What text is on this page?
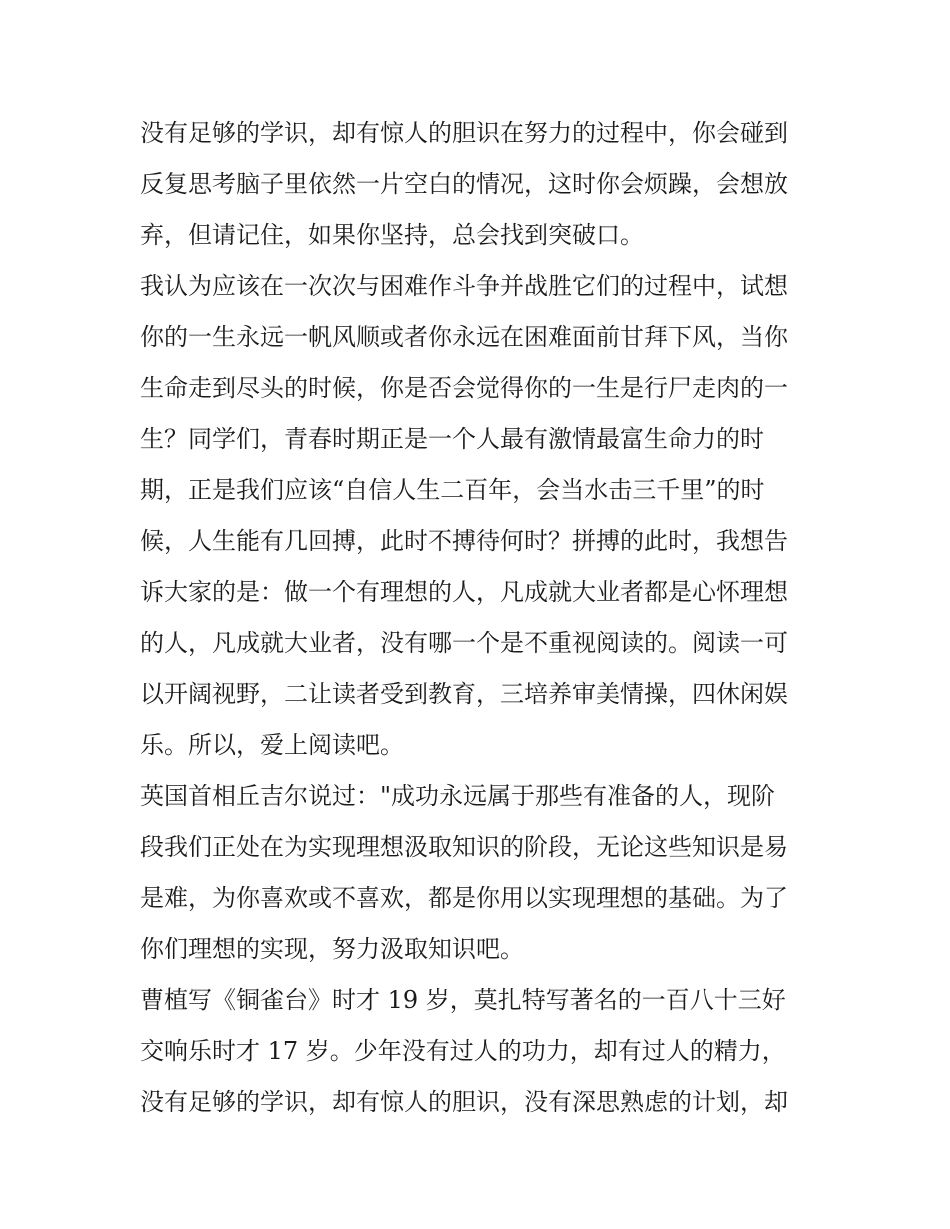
没有足够的学识，却有惊人的胆识在努力的过程中，你会碰到
反复思考脑子里依然一片空白的情况，这时你会烦躁，会想放
弃，但请记住，如果你坚持，总会找到突破口。
我认为应该在一次次与困难作斗争并战胜它们的过程中，试想
你的一生永远一帆风顺或者你永远在困难面前甘拜下风，当你
生命走到尽头的时候，你是否会觉得你的一生是行尸走肉的一
生？同学们，青春时期正是一个人最有激情最富生命力的时
期，正是我们应该“自信人生二百年，会当水击三千里”的时
候，人生能有几回搏，此时不搏待何时？拼搏的此时，我想告
诉大家的是：做一个有理想的人，凡成就大业者都是心怀理想
的人，凡成就大业者，没有哪一个是不重视阅读的。阅读一可
以开阔视野，二让读者受到教育，三培养审美情操，四休闲娱
乐。所以，爱上阅读吧。
英国首相丘吉尔说过："成功永远属于那些有准备的人，现阶
段我们正处在为实现理想汲取知识的阶段，无论这些知识是易
是难，为你喜欢或不喜欢，都是你用以实现理想的基础。为了
你们理想的实现，努力汲取知识吧。
曹植写《铜雀台》时才 19 岁，莫扎特写著名的一百八十三好
交响乐时才 17 岁。少年没有过人的功力，却有过人的精力，
没有足够的学识，却有惊人的胆识，没有深思熟虑的计划，却
